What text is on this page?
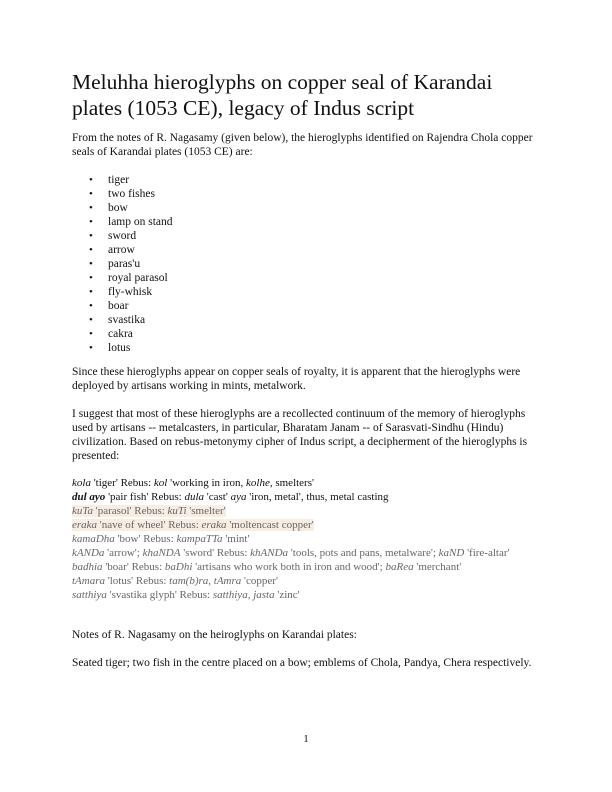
Meluhha hieroglyphs on copper seal of Karandai plates (1053 CE), legacy of Indus script

From the notes of R. Nagasamy (given below), the hieroglyphs identified on Rajendra Chola copper seals of Karandai plates (1053 CE) are:

• tiger
• two fishes
• bow
• lamp on stand
• sword
• arrow
• paras'u
• royal parasol
• fly-whisk
• boar
• svastika
• cakra
• lotus

Since these hieroglyphs appear on copper seals of royalty, it is apparent that the hieroglyphs were deployed by artisans working in mints, metalwork.

I suggest that most of these hieroglyphs are a recollected continuum of the memory of hieroglyphs used by artisans -- metalcasters, in particular, Bharatam Janam -- of Sarasvati-Sindhu (Hindu) civilization. Based on rebus-metonymy cipher of Indus script, a decipherment of the hieroglyphs is presented:

kola 'tiger' Rebus: kol 'working in iron, kolhe, smelters'
dul ayo 'pair fish' Rebus: dula 'cast' aya 'iron, metal', thus, metal casting
kuTa 'parasol' Rebus: kuTi 'smelter'
eraka 'nave of wheel' Rebus: eraka 'moltencast copper'
kamaDha 'bow' Rebus: kampaTTa 'mint'
kANDa 'arrow'; khaNDA 'sword' Rebus: khANDa 'tools, pots and pans, metalware'; kaND 'fire-altar'
badhia 'boar' Rebus: baDhi 'artisans who work both in iron and wood'; baRea 'merchant'
tAmara 'lotus' Rebus: tam(b)ra, tAmra 'copper'
satthiya 'svastika glyph' Rebus: satthiya, jasta 'zinc'

Notes of R. Nagasamy on the heiroglyphs on Karandai plates:

Seated tiger; two fish in the centre placed on a bow; emblems of Chola, Pandya, Chera respectively.

1
